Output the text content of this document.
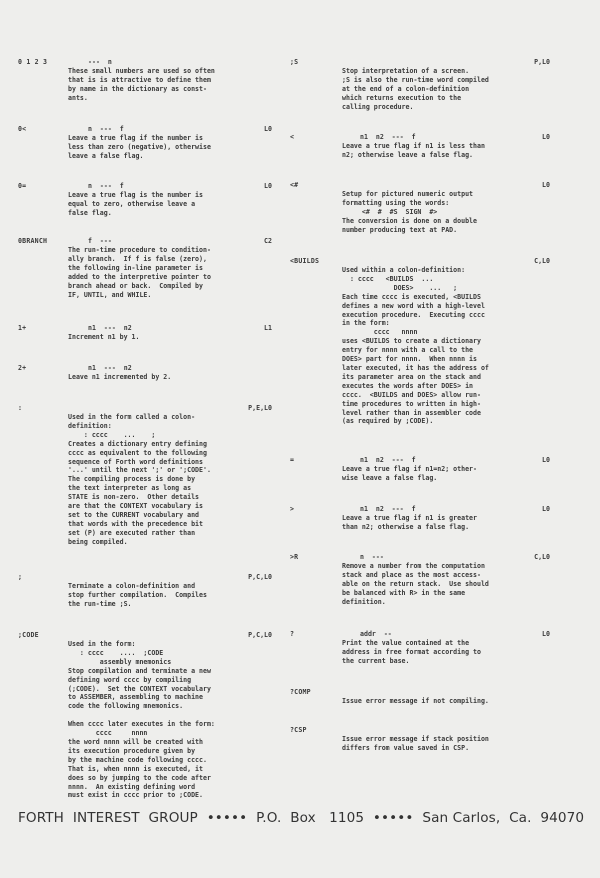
0 1 2 3	---  n
These small numbers are used so often
that is is attractive to define them
by name in the dictionary as const-
ants.
0<	n  ---  f	L0
Leave a true flag if the number is
less than zero (negative), otherwise
leave a false flag.
0=	n  ---  f	L0
Leave a true flag is the number is
equal to zero, otherwise leave a
false flag.
0BRANCH	f  ---	C2
The run-time procedure to condition-
ally branch.  If f is false (zero),
the following in-line parameter is
added to the interpretive pointer to
branch ahead or back.  Compiled by
IF, UNTIL, and WHILE.
1+	n1  ---  n2	L1
Increment n1 by 1.
2+	n1  ---  n2
Leave n1 incremented by 2.
:	P,E,L0
Used in the form called a colon-
definition:
: cccc    ...    ;
Creates a dictionary entry defining
cccc as equivalent to the following
sequence of Forth word definitions
'...' until the next ';' or ';CODE'.
The compiling process is done by
the text interpreter as long as
STATE is non-zero.  Other details
are that the CONTEXT vocabulary is
set to the CURRENT vocabulary and
that words with the precedence bit
set (P) are executed rather than
being compiled.
;	P,C,L0
Terminate a colon-definition and
stop further compilation.  Compiles
the run-time ;S.
;CODE	P,C,L0
Used in the form:
: cccc    ....  ;CODE
assembly mnemonics
Stop compilation and terminate a new
defining word cccc by compiling
(;CODE).  Set the CONTEXT vocabulary
to ASSEMBER, assembling to machine
code the following mnemonics.

When cccc later executes in the form:
cccc     nnnn
the word nnnn will be created with
its execution procedure given by
by the machine code following cccc.
That is, when nnnn is executed, it
does so by jumping to the code after
nnnn.  An existing defining word
must exist in cccc prior to ;CODE.
;S	P,L0
Stop interpretation of a screen.
;S is also the run-time word compiled
at the end of a colon-definition
which returns execution to the
calling procedure.
<	n1  n2  ---  f	L0
Leave a true flag if n1 is less than
n2; otherwise leave a false flag.
<#	L0
Setup for pictured numeric output
formatting using the words:
<#  #  #S  SIGN  #>
The conversion is done on a double
number producing text at PAD.
<BUILDS	C,L0
Used within a colon-definition:
: cccc   <BUILDS  ...
DOES>    ...   ;
Each time cccc is executed, <BUILDS
defines a new word with a high-level
execution procedure.  Executing cccc
in the form:
cccc   nnnn
uses <BUILDS to create a dictionary
entry for nnnn with a call to the
DOES> part for nnnn.  When nnnn is
later executed, it has the address of
its parameter area on the stack and
executes the words after DOES> in
cccc.  <BUILDS and DOES> allow run-
time procedures to written in high-
level rather than in assembler code
(as required by ;CODE).
=	n1  n2  ---  f	L0
Leave a true flag if n1=n2; other-
wise leave a false flag.
>	n1  n2  ---  f	L0
Leave a true flag if n1 is greater
than n2; otherwise a false flag.
>R	n  ---	C,L0
Remove a number from the computation
stack and place as the most access-
able on the return stack.  Use should
be balanced with R> in the same
definition.
?	addr  --	L0
Print the value contained at the
address in free format according to
the current base.
?COMP
Issue error message if not compiling.
?CSP
Issue error message if stack position
differs from value saved in CSP.
FORTH  INTEREST  GROUP  •••••  P.O.  Box   1105  •••••  San Carlos,  Ca.  94070
